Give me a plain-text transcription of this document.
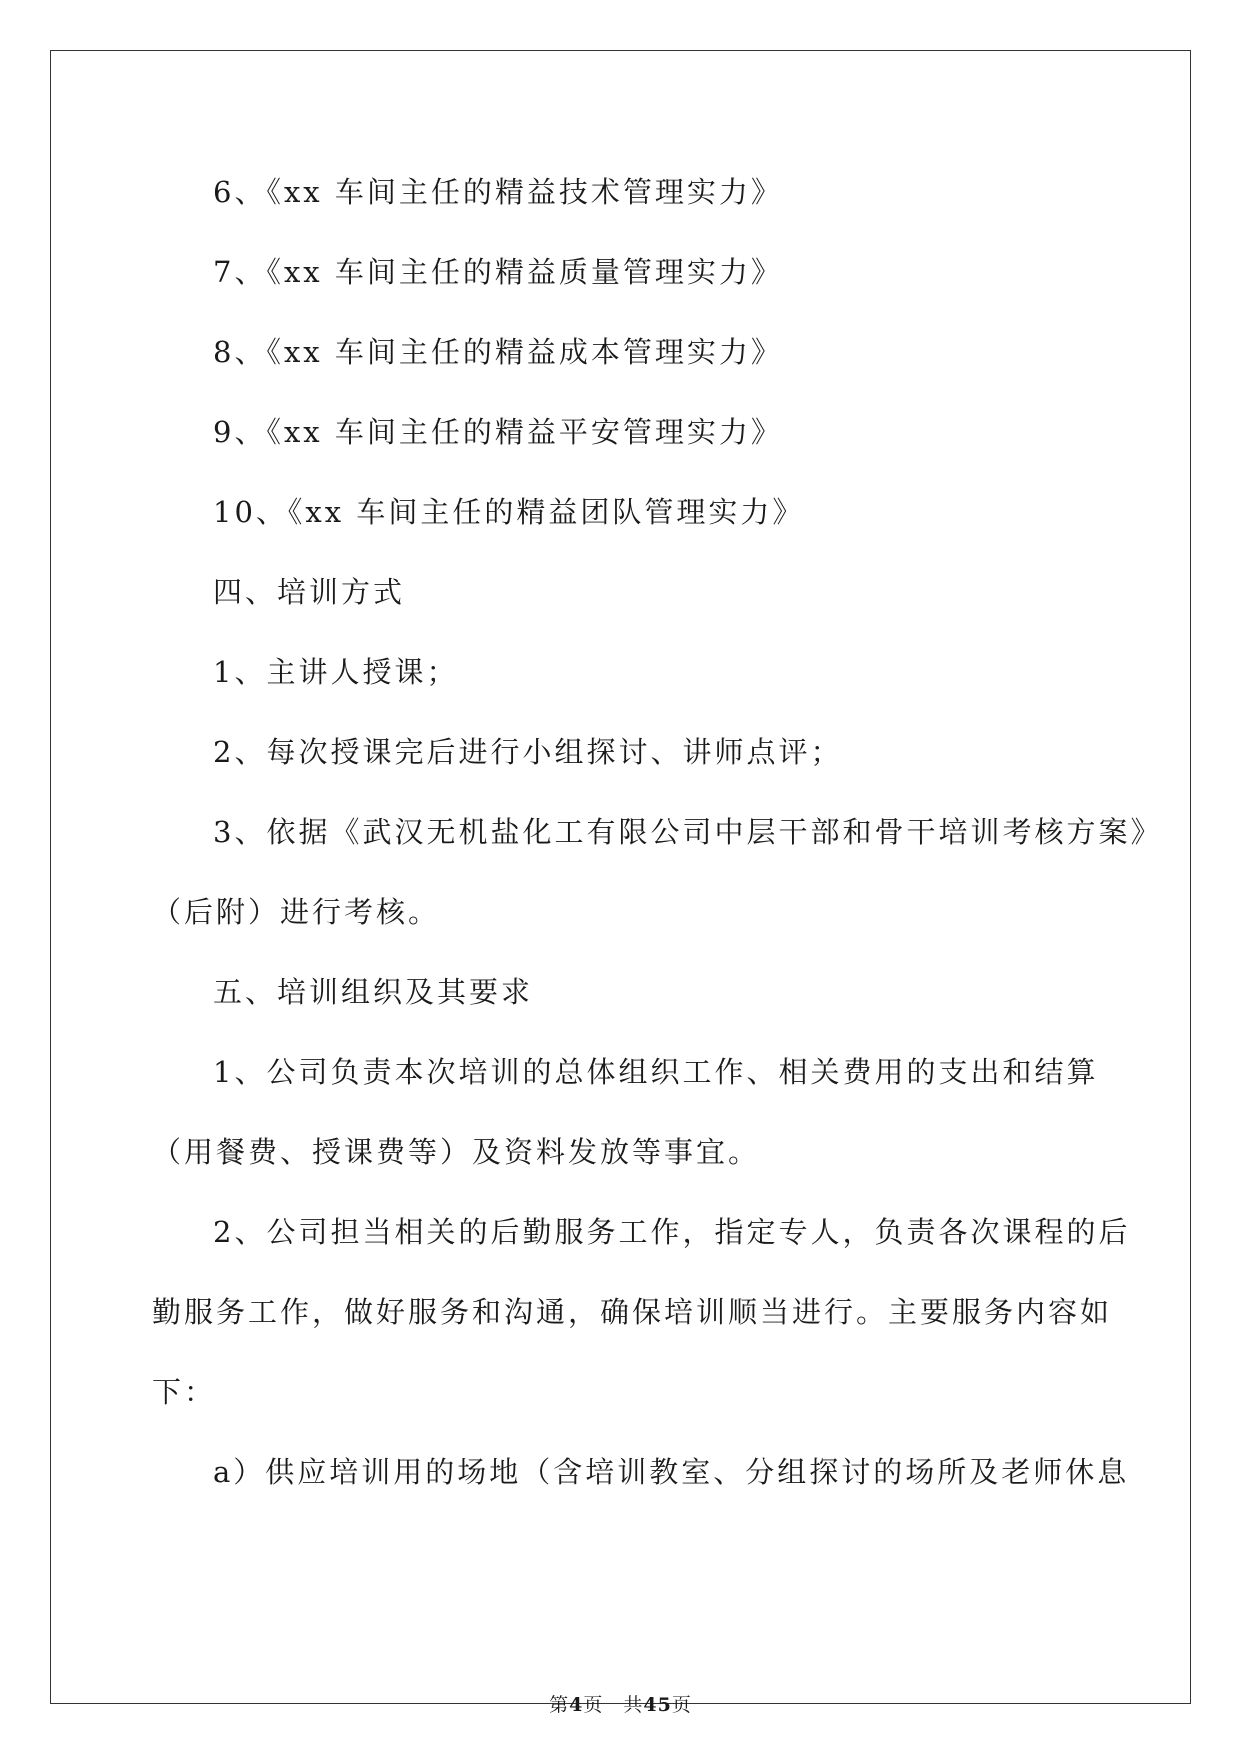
6、《xx 车间主任的精益技术管理实力》

7、《xx 车间主任的精益质量管理实力》

8、《xx 车间主任的精益成本管理实力》

9、《xx 车间主任的精益平安管理实力》

10、《xx 车间主任的精益团队管理实力》

四、培训方式

1、主讲人授课；

2、每次授课完后进行小组探讨、讲师点评；

3、依据《武汉无机盐化工有限公司中层干部和骨干培训考核方案》

（后附）进行考核。

五、培训组织及其要求

1、公司负责本次培训的总体组织工作、相关费用的支出和结算

（用餐费、授课费等）及资料发放等事宜。

2、公司担当相关的后勤服务工作，指定专人，负责各次课程的后

勤服务工作，做好服务和沟通，确保培训顺当进行。主要服务内容如

下：

a）供应培训用的场地（含培训教室、分组探讨的场所及老师休息

第4页　共45页
